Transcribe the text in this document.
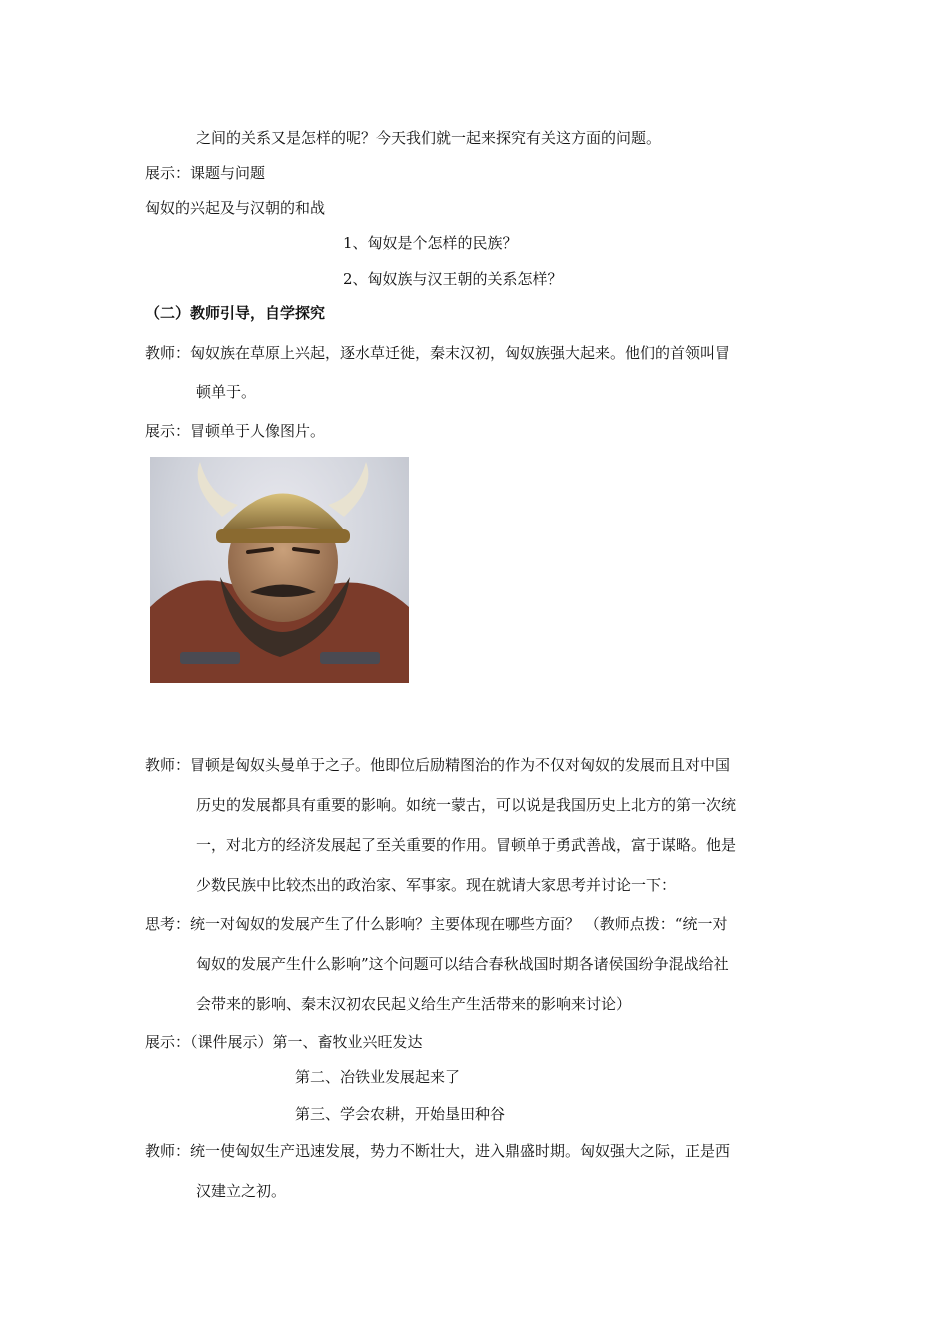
之间的关系又是怎样的呢？今天我们就一起来探究有关这方面的问题。
展示：课题与问题
匈奴的兴起及与汉朝的和战
1、匈奴是个怎样的民族？
2、匈奴族与汉王朝的关系怎样？
（二）教师引导，自学探究
教师：匈奴族在草原上兴起，逐水草迁徙，秦末汉初，匈奴族强大起来。他们的首领叫冒
顿单于。
展示：冒顿单于人像图片。
教师：冒顿是匈奴头曼单于之子。他即位后励精图治的作为不仅对匈奴的发展而且对中国
历史的发展都具有重要的影响。如统一蒙古，可以说是我国历史上北方的第一次统
一，对北方的经济发展起了至关重要的作用。冒顿单于勇武善战，富于谋略。他是
少数民族中比较杰出的政治家、军事家。现在就请大家思考并讨论一下：
思考：统一对匈奴的发展产生了什么影响？主要体现在哪些方面？ （教师点拨：“统一对
匈奴的发展产生什么影响”这个问题可以结合春秋战国时期各诸侯国纷争混战给社
会带来的影响、秦末汉初农民起义给生产生活带来的影响来讨论）
展示：（课件展示）第一、畜牧业兴旺发达
第二、冶铁业发展起来了
第三、学会农耕，开始垦田种谷
教师：统一使匈奴生产迅速发展，势力不断壮大，进入鼎盛时期。匈奴强大之际，正是西
汉建立之初。
